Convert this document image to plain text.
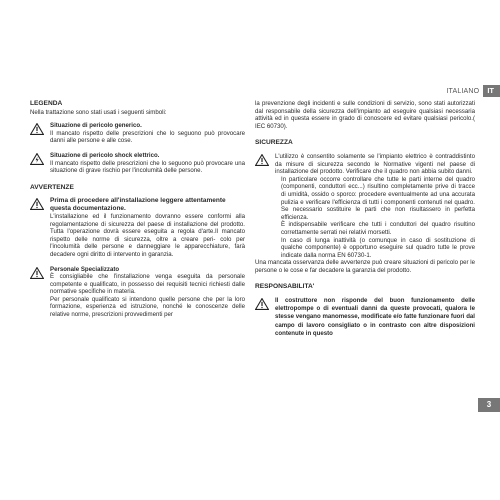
ITALIANO	IT

LEGENDA

Nella trattazione sono stati usati i seguenti simboli:

Situazione di pericolo generico.

Il mancato rispetto delle prescrizioni che lo seguono può provocare danni alle persone e alle cose.

Situazione di pericolo shock elettrico.

Il mancato rispetto delle prescrizioni che lo seguono può provocare una situazione di grave rischio per l'incolumità delle persone.

AVVERTENZE

Prima di procedere all'installazione leggere attentamente questa documentazione.

L'installazione ed il funzionamento dovranno essere conformi alla regolamentazione di sicurezza del paese di installazione del prodotto. Tutta l'operazione dovrà essere eseguita a regola d'arte.Il mancato rispetto delle norme di sicurezza, oltre a creare peri- colo per l'incolumità delle persone e danneggiare le apparecchiature, farà decadere ogni diritto di intervento in garanzia.

Personale Specializzato

È consigliabile che l'installazione venga eseguita da personale competente e qualificato, in possesso dei requisiti tecnici richiesti dalle normative specifiche in materia.

Per personale qualificato si intendono quelle persone che per la loro formazione, esperienza ed istruzione, nonché le conoscenze delle relative norme, prescrizioni provvedimenti per

la prevenzione degli incidenti e sulle condizioni di servizio, sono stati autorizzati dal responsabile della sicurezza dell'impianto ad eseguire qualsiasi necessaria attività ed in questa essere in grado di conoscere ed evitare qualsiasi pericolo.( IEC 60730).

SICUREZZA

L'utilizzo è consentito solamente se l'impianto elettrico è contraddistinto da misure di sicurezza secondo le Normative vigenti nel paese di installazione del prodotto. Verificare che il quadro non abbia subito danni.

In particolare occorre controllare che tutte le parti interne del quadro (componenti, conduttori ecc...) risultino completamente prive di tracce di umidità, ossido o sporco: procedere eventualmente ad una accurata pulizia e verificare l'efficienza di tutti i componenti contenuti nel quadro. Se necessario sostituire le parti che non risultassero in perfetta efficienza.

È indispensabile verificare che tutti i conduttori del quadro risultino correttamente serrati nei relativi morsetti.

In caso di lunga inattività (o comunque in caso di sostituzione di qualche componente) è opportuno eseguire sul quadro tutte le prove indicate dalla norma EN 60730-1.

Una mancata osservanza delle avvertenze può creare situazioni di pericolo per le persone o le cose e far decadere la garanzia del prodotto.

RESPONSABILITA'

Il costruttore non risponde del buon funzionamento delle elettropompe o di eventuali danni da queste provocati, qualora le stesse vengano manomesse, modificate e/o fatte funzionare fuori dal campo di lavoro consigliato o in contrasto con altre disposizioni contenute in questo

3
